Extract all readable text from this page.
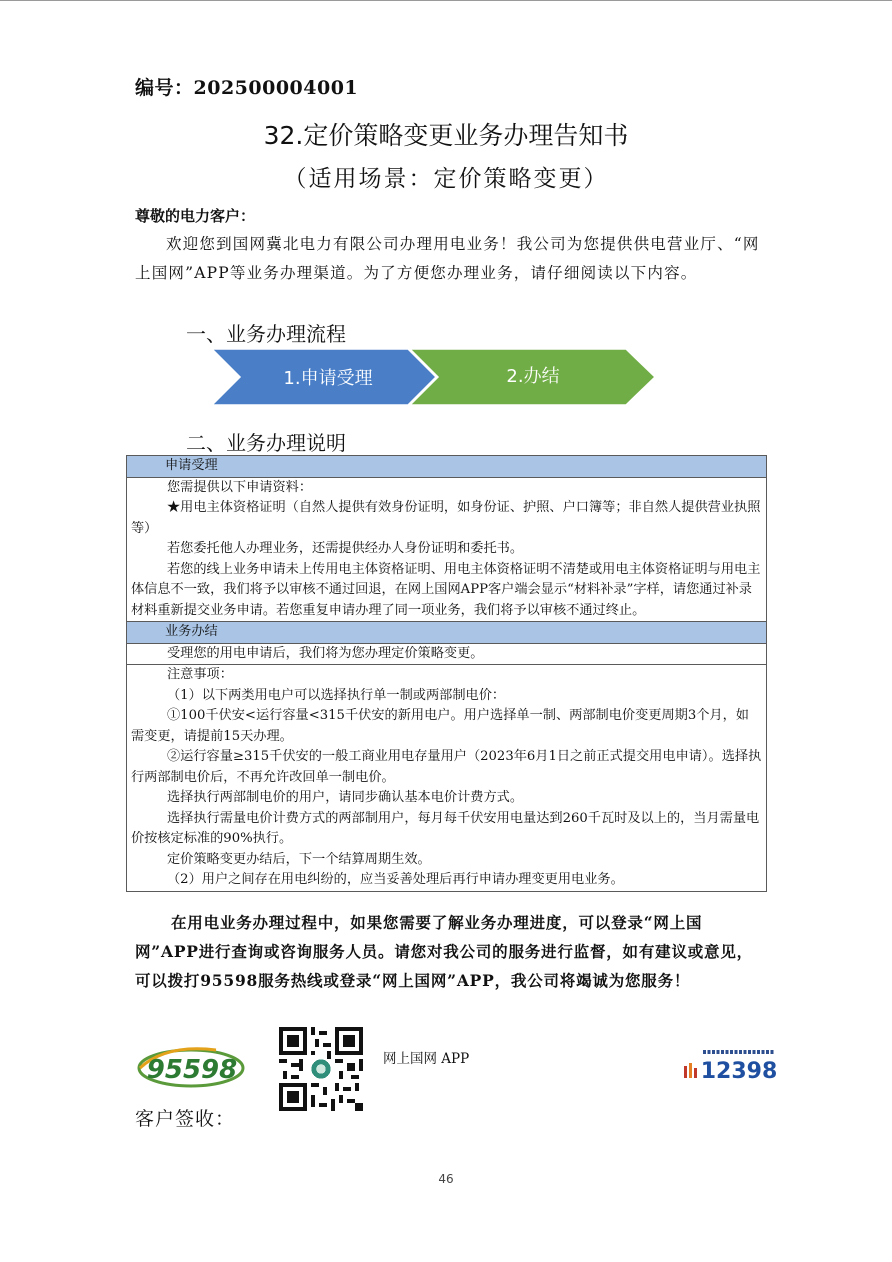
编号：202500004001
32.定价策略变更业务办理告知书
（适用场景：定价策略变更）
尊敬的电力客户：
欢迎您到国网冀北电力有限公司办理用电业务！我公司为您提供供电营业厅、“网上国网”APP等业务办理渠道。为了方便您办理业务，请仔细阅读以下内容。
一、业务办理流程
1.申请受理	2.办结
二、业务办理说明
申请受理

您需提供以下申请资料：
★用电主体资格证明（自然人提供有效身份证明，如身份证、护照、户口簿等；非自然人提供营业执照等）
若您委托他人办理业务，还需提供经办人身份证明和委托书。
若您的线上业务申请未上传用电主体资格证明、用电主体资格证明不清楚或用电主体资格证明与用电主体信息不一致，我们将予以审核不通过回退，在网上国网APP客户端会显示“材料补录”字样，请您通过补录材料重新提交业务申请。若您重复申请办理了同一项业务，我们将予以审核不通过终止。

业务办结

受理您的用电申请后，我们将为您办理定价策略变更。

注意事项：
（1）以下两类用电户可以选择执行单一制或两部制电价：
①100千伏安<运行容量<315千伏安的新用电户。用户选择单一制、两部制电价变更周期3个月，如需变更，请提前15天办理。
②运行容量≥315千伏安的一般工商业用电存量用户（2023年6月1日之前正式提交用电申请）。选择执行两部制电价后，不再允许改回单一制电价。
选择执行两部制电价的用户，请同步确认基本电价计费方式。
选择执行需量电价计费方式的两部制用户，每月每千伏安用电量达到260千瓦时及以上的，当月需量电价按核定标准的90%执行。
定价策略变更办结后，下一个结算周期生效。
（2）用户之间存在用电纠纷的，应当妥善处理后再行申请办理变更用电业务。
在用电业务办理过程中，如果您需要了解业务办理进度，可以登录“网上国网”APP进行查询或咨询服务人员。请您对我公司的服务进行监督，如有建议或意见，可以拨打95598服务热线或登录“网上国网”APP，我公司将竭诚为您服务！
95598	网上国网 APP	12398
客户签收：
46
